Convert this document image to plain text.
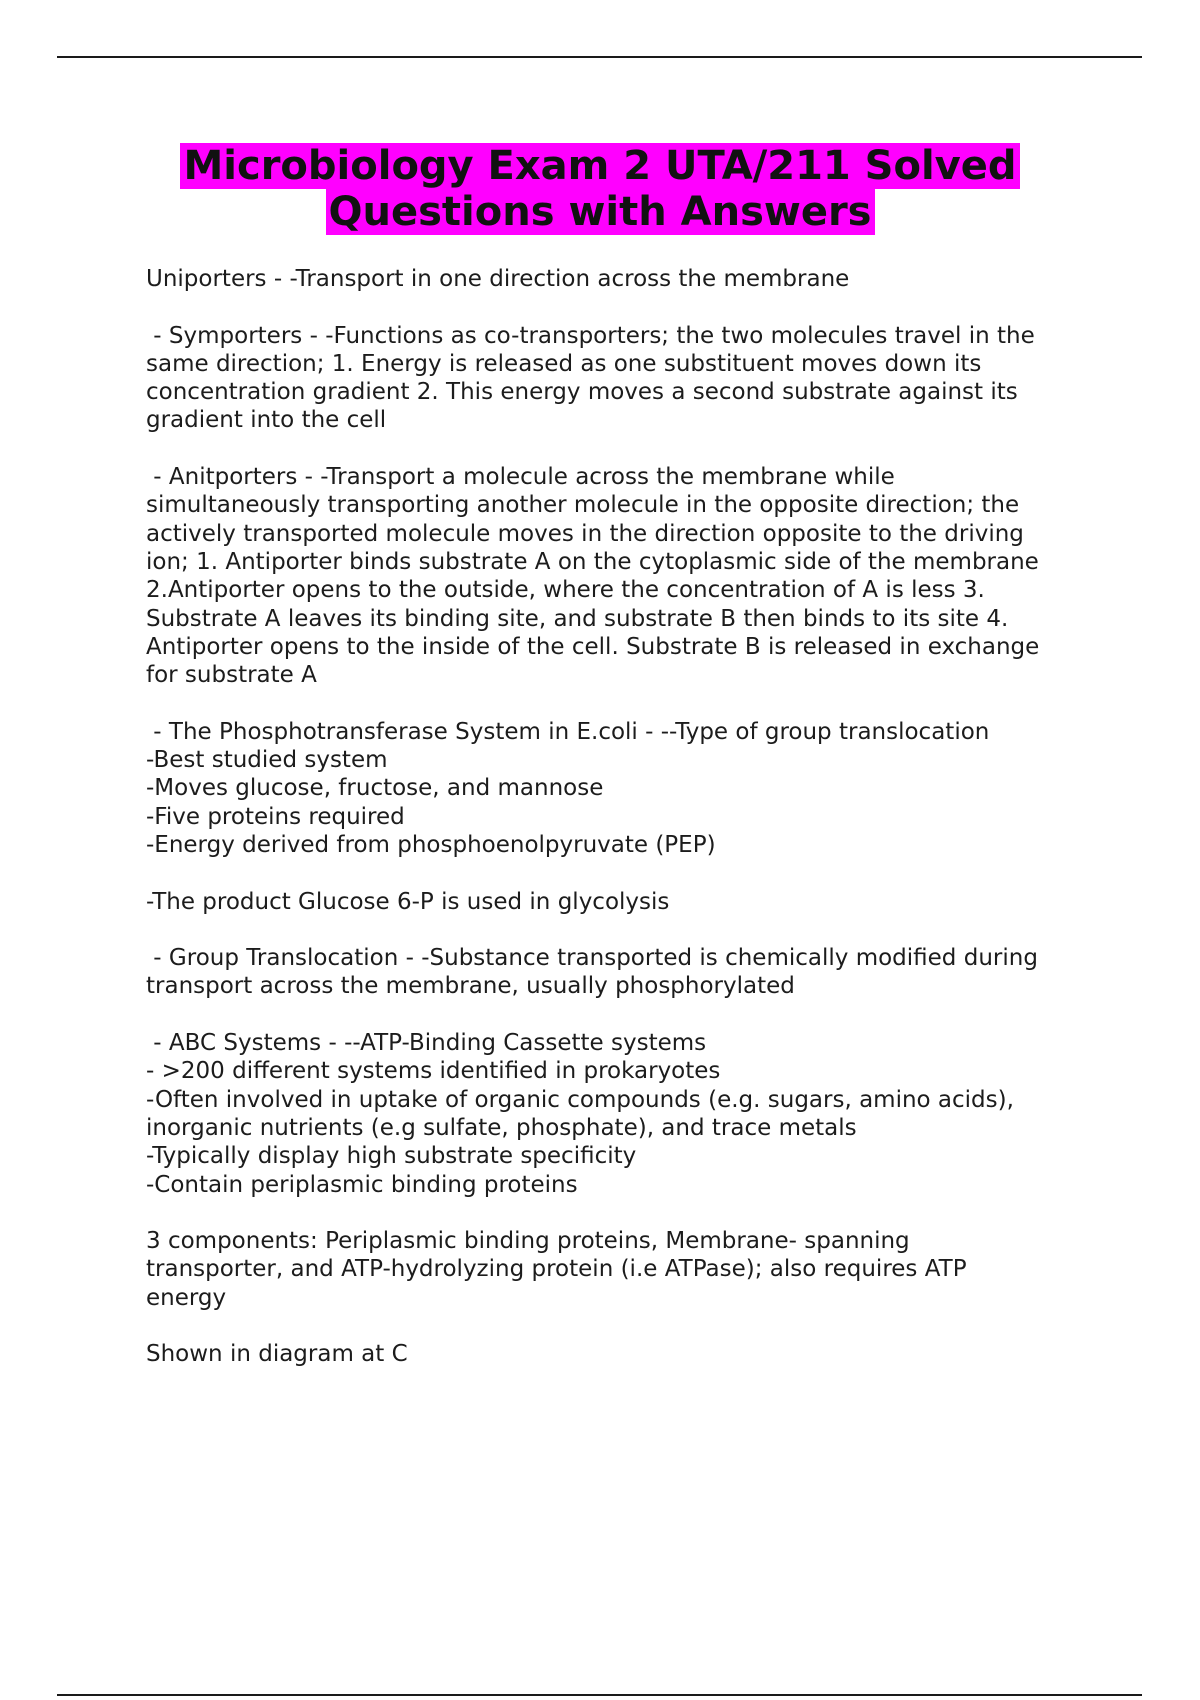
Microbiology Exam 2 UTA/211 Solved
Questions with Answers
Uniporters - -Transport in one direction across the membrane
- Symporters - -Functions as co-transporters; the two molecules travel in the
same direction; 1. Energy is released as one substituent moves down its
concentration gradient 2. This energy moves a second substrate against its
gradient into the cell
- Anitporters - -Transport a molecule across the membrane while
simultaneously transporting another molecule in the opposite direction; the
actively transported molecule moves in the direction opposite to the driving
ion; 1. Antiporter binds substrate A on the cytoplasmic side of the membrane
2.Antiporter opens to the outside, where the concentration of A is less 3.
Substrate A leaves its binding site, and substrate B then binds to its site 4.
Antiporter opens to the inside of the cell. Substrate B is released in exchange
for substrate A
- The Phosphotransferase System in E.coli - --Type of group translocation
-Best studied system
-Moves glucose, fructose, and mannose
-Five proteins required
-Energy derived from phosphoenolpyruvate (PEP)
-The product Glucose 6-P is used in glycolysis
- Group Translocation - -Substance transported is chemically modified during
transport across the membrane, usually phosphorylated
- ABC Systems - --ATP-Binding Cassette systems
- >200 different systems identified in prokaryotes
-Often involved in uptake of organic compounds (e.g. sugars, amino acids),
inorganic nutrients (e.g sulfate, phosphate), and trace metals
-Typically display high substrate specificity
-Contain periplasmic binding proteins
3 components: Periplasmic binding proteins, Membrane- spanning
transporter, and ATP-hydrolyzing protein (i.e ATPase); also requires ATP
energy
Shown in diagram at C
